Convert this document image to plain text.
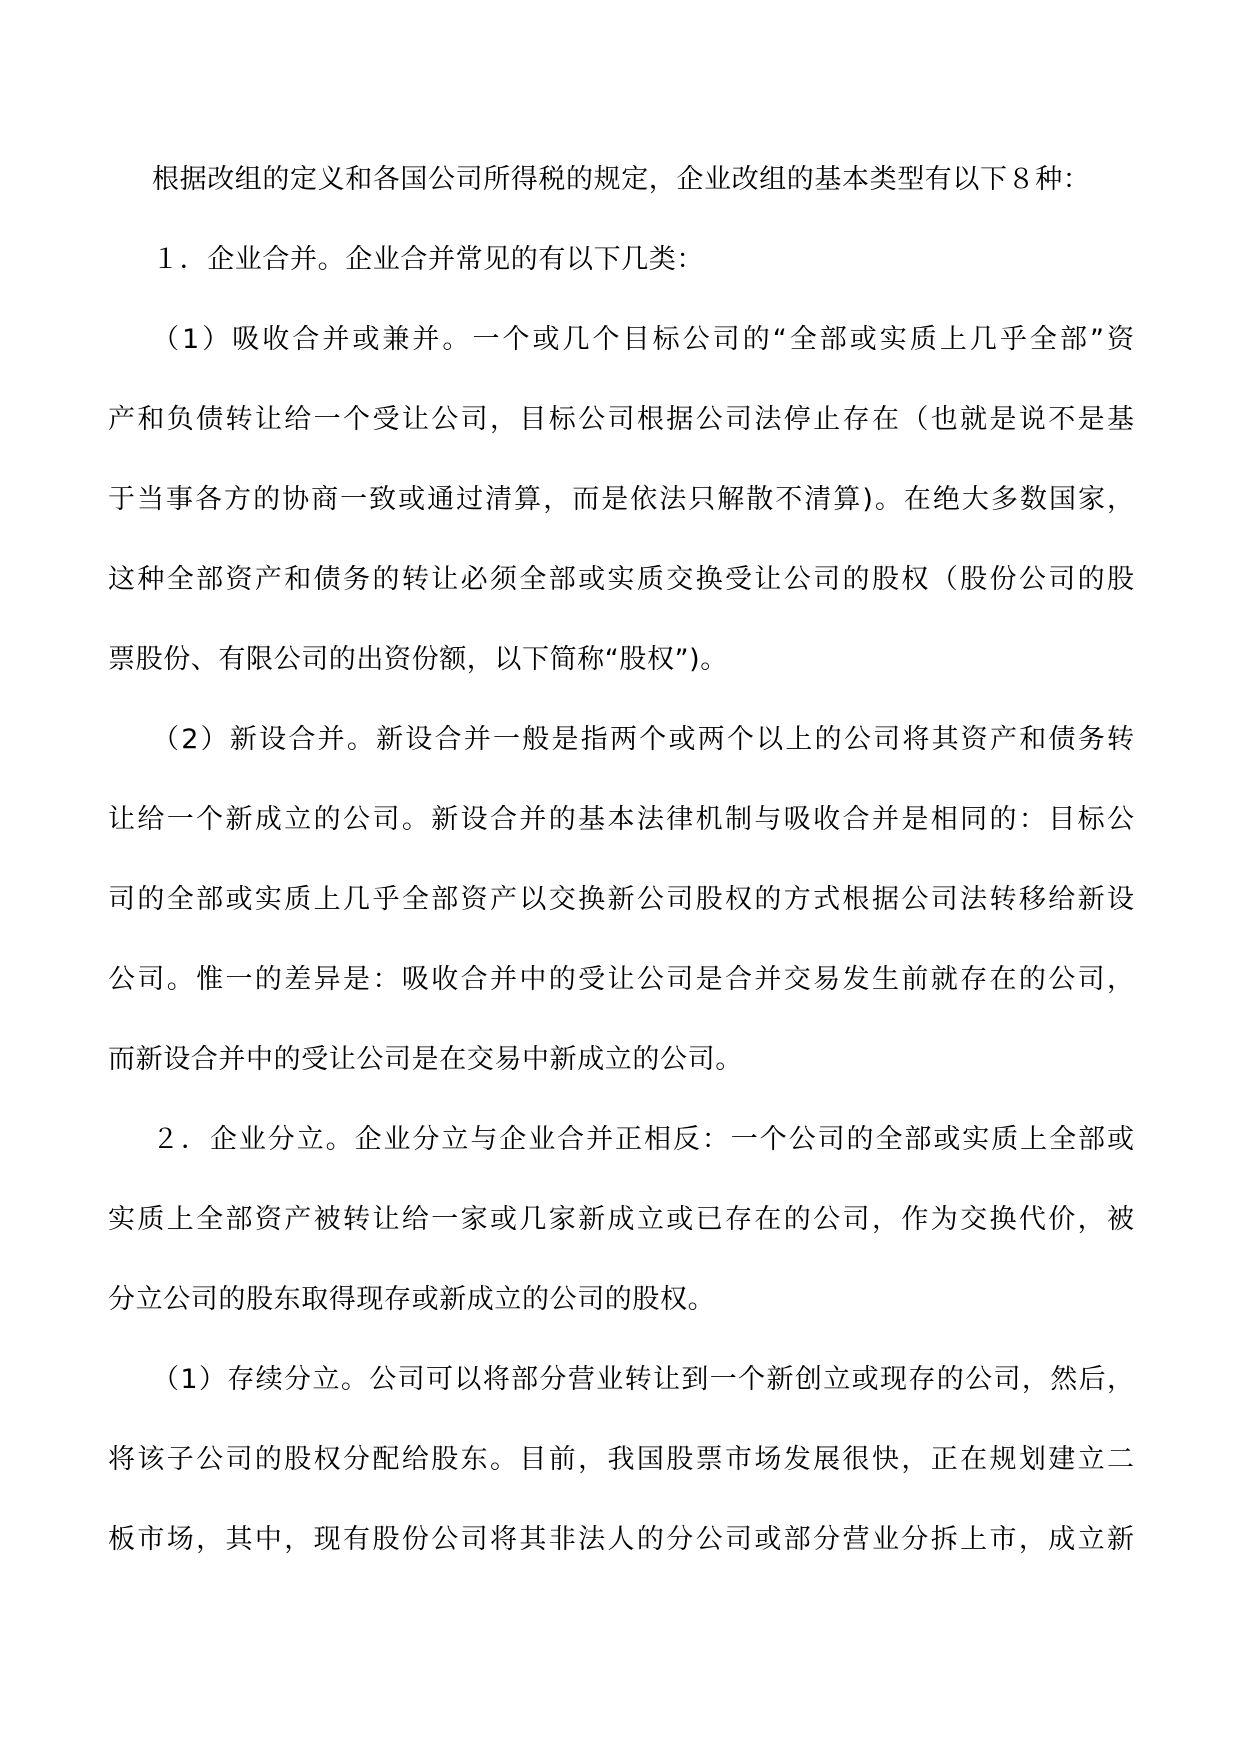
根据改组的定义和各国公司所得税的规定，企业改组的基本类型有以下８种：
１．企业合并。企业合并常见的有以下几类：
（1）吸收合并或兼并。一个或几个目标公司的“全部或实质上几乎全部”资
产和负债转让给一个受让公司，目标公司根据公司法停止存在（也就是说不是基
于当事各方的协商一致或通过清算，而是依法只解散不清算)。在绝大多数国家，
这种全部资产和债务的转让必须全部或实质交换受让公司的股权（股份公司的股
票股份、有限公司的出资份额，以下简称“股权”)。
（2）新设合并。新设合并一般是指两个或两个以上的公司将其资产和债务转
让给一个新成立的公司。新设合并的基本法律机制与吸收合并是相同的：目标公
司的全部或实质上几乎全部资产以交换新公司股权的方式根据公司法转移给新设
公司。惟一的差异是：吸收合并中的受让公司是合并交易发生前就存在的公司，
而新设合并中的受让公司是在交易中新成立的公司。
２．企业分立。企业分立与企业合并正相反：一个公司的全部或实质上全部或
实质上全部资产被转让给一家或几家新成立或已存在的公司，作为交换代价，被
分立公司的股东取得现存或新成立的公司的股权。
（1）存续分立。公司可以将部分营业转让到一个新创立或现存的公司，然后，
将该子公司的股权分配给股东。目前，我国股票市场发展很快，正在规划建立二
板市场，其中，现有股份公司将其非法人的分公司或部分营业分拆上市，成立新
